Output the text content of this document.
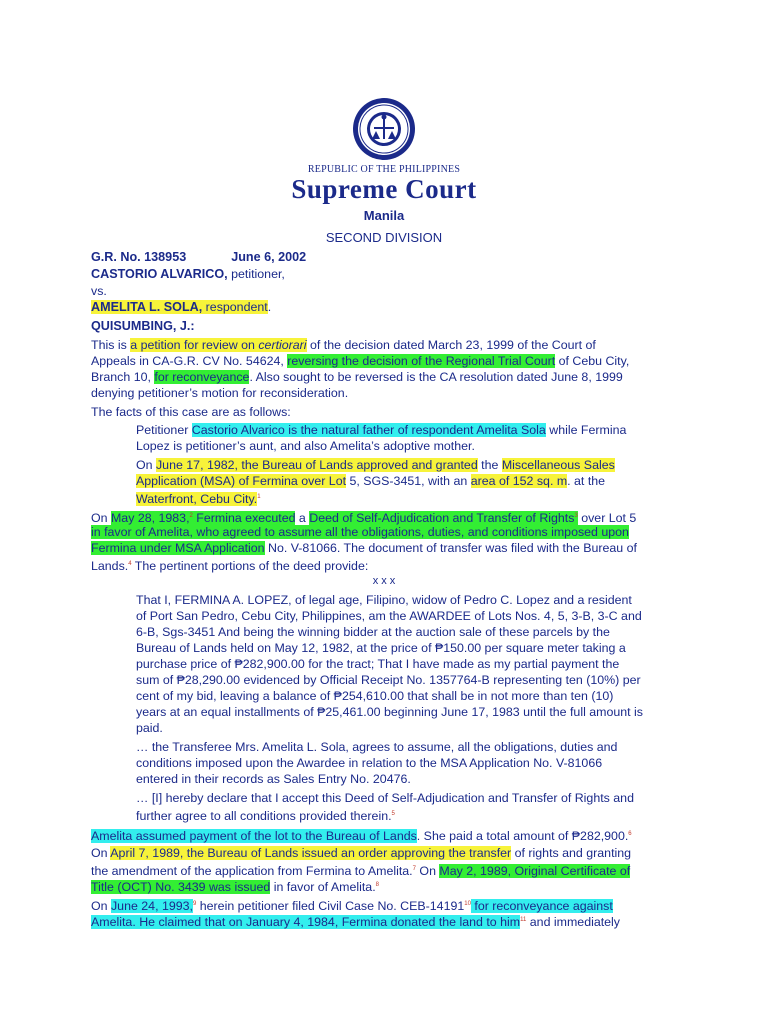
REPUBLIC OF THE PHILIPPINES
Supreme Court
Manila
SECOND DIVISION
G.R. No. 138953	June 6, 2002
CASTORIO ALVARICO, petitioner,
vs.
AMELITA L. SOLA, respondent.
QUISUMBING, J.:
This is a petition for review on certiorari of the decision dated March 23, 1999 of the Court of
Appeals in CA-G.R. CV No. 54624, reversing the decision of the Regional Trial Court of Cebu City,
Branch 10, for reconveyance. Also sought to be reversed is the CA resolution dated June 8, 1999
denying petitioner’s motion for reconsideration.
The facts of this case are as follows:
Petitioner Castorio Alvarico is the natural father of respondent Amelita Sola while Fermina
Lopez is petitioner’s aunt, and also Amelita’s adoptive mother.
On June 17, 1982, the Bureau of Lands approved and granted the Miscellaneous Sales
Application (MSA) of Fermina over Lot 5, SGS-3451, with an area of 152 sq. m. at the
Waterfront, Cebu City.$^1$
On May 28, 1983,$^2$ Fermina executed a Deed of Self-Adjudication and Transfer of Rights$^3$ over Lot 5
in favor of Amelita, who agreed to assume all the obligations, duties, and conditions imposed upon
Fermina under MSA Application No. V-81066. The document of transfer was filed with the Bureau of
Lands.$^4$ The pertinent portions of the deed provide:
x x x
That I, FERMINA A. LOPEZ, of legal age, Filipino, widow of Pedro C. Lopez and a resident
of Port San Pedro, Cebu City, Philippines, am the AWARDEE of Lots Nos. 4, 5, 3-B, 3-C and
6-B, Sgs-3451 And being the winning bidder at the auction sale of these parcels by the
Bureau of Lands held on May 12, 1982, at the price of ₱150.00 per square meter taking a
purchase price of ₱282,900.00 for the tract; That I have made as my partial payment the
sum of ₱28,290.00 evidenced by Official Receipt No. 1357764-B representing ten (10%) per
cent of my bid, leaving a balance of ₱254,610.00 that shall be in not more than ten (10)
years at an equal installments of ₱25,461.00 beginning June 17, 1983 until the full amount is
paid.
… the Transferee Mrs. Amelita L. Sola, agrees to assume, all the obligations, duties and
conditions imposed upon the Awardee in relation to the MSA Application No. V-81066
entered in their records as Sales Entry No. 20476.
… [I] hereby declare that I accept this Deed of Self-Adjudication and Transfer of Rights and
further agree to all conditions provided therein.$^5$
Amelita assumed payment of the lot to the Bureau of Lands. She paid a total amount of ₱282,900.$^6$
On April 7, 1989, the Bureau of Lands issued an order approving the transfer of rights and granting
the amendment of the application from Fermina to Amelita.$^7$ On May 2, 1989, Original Certificate of
Title (OCT) No. 3439 was issued in favor of Amelita.$^8$
On June 24, 1993,$^9$ herein petitioner filed Civil Case No. CEB-14191$^{10}$ for reconveyance against
Amelita. He claimed that on January 4, 1984, Fermina donated the land to him$^{11}$ and immediately
